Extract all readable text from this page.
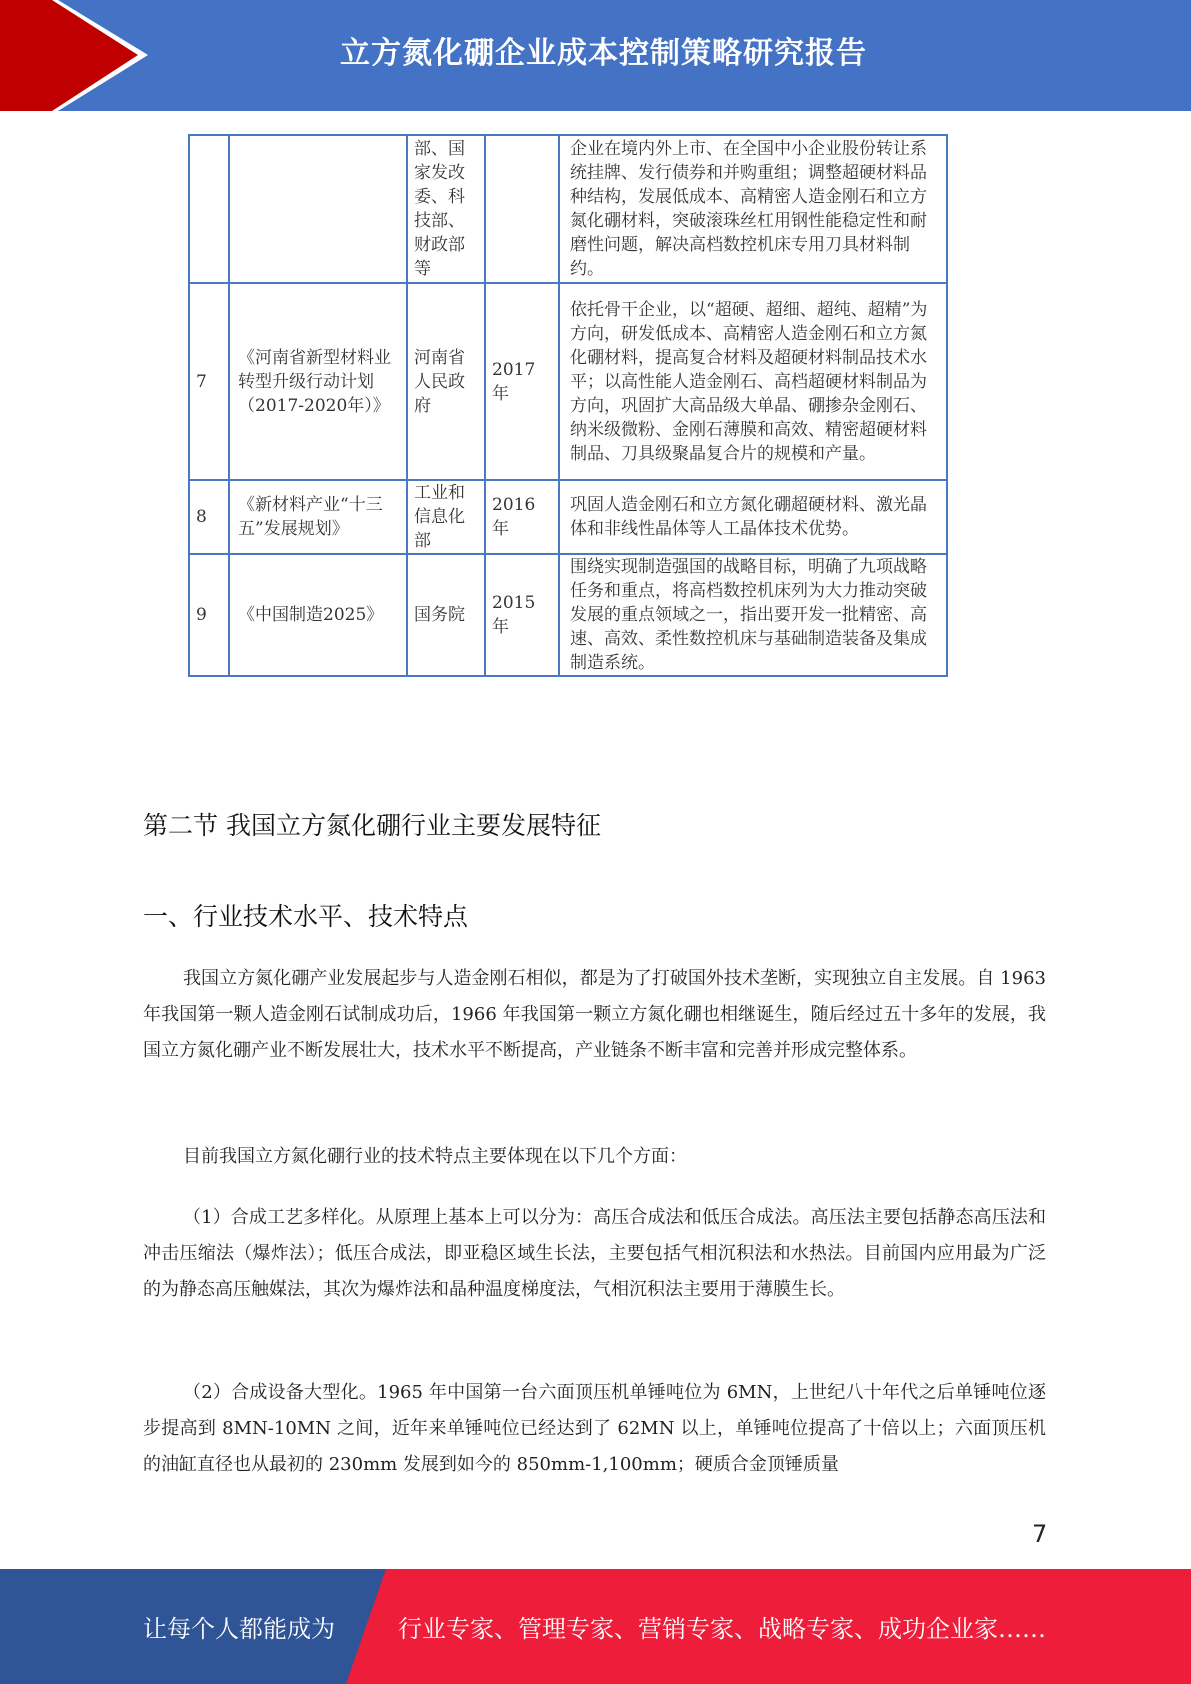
立方氮化硼企业成本控制策略研究报告
		部、国家发改委、科技部、财政部等		企业在境内外上市、在全国中小企业股份转让系统挂牌、发行债券和并购重组；调整超硬材料品种结构，发展低成本、高精密人造金刚石和立方氮化硼材料，突破滚珠丝杠用钢性能稳定性和耐磨性问题，解决高档数控机床专用刀具材料制约。
7	《河南省新型材料业转型升级行动计划（2017-2020年）》	河南省人民政府	2017年	依托骨干企业，以“超硬、超细、超纯、超精”为方向，研发低成本、高精密人造金刚石和立方氮化硼材料，提高复合材料及超硬材料制品技术水平；以高性能人造金刚石、高档超硬材料制品为方向，巩固扩大高品级大单晶、硼掺杂金刚石、纳米级微粉、金刚石薄膜和高效、精密超硬材料制品、刀具级聚晶复合片的规模和产量。
8	《新材料产业“十三五”发展规划》	工业和信息化部	2016年	巩固人造金刚石和立方氮化硼超硬材料、激光晶体和非线性晶体等人工晶体技术优势。
9	《中国制造2025》	国务院	2015年	围绕实现制造强国的战略目标，明确了九项战略任务和重点，将高档数控机床列为大力推动突破发展的重点领域之一，指出要开发一批精密、高速、高效、柔性数控机床与基础制造装备及集成制造系统。
第二节 我国立方氮化硼行业主要发展特征
一、行业技术水平、技术特点

我国立方氮化硼产业发展起步与人造金刚石相似，都是为了打破国外技术垄断，实现独立自主发展。自 1963 年我国第一颗人造金刚石试制成功后，1966 年我国第一颗立方氮化硼也相继诞生，随后经过五十多年的发展，我国立方氮化硼产业不断发展壮大，技术水平不断提高，产业链条不断丰富和完善并形成完整体系。

目前我国立方氮化硼行业的技术特点主要体现在以下几个方面：

（1）合成工艺多样化。从原理上基本上可以分为：高压合成法和低压合成法。高压法主要包括静态高压法和冲击压缩法（爆炸法）；低压合成法，即亚稳区域生长法，主要包括气相沉积法和水热法。目前国内应用最为广泛的为静态高压触媒法，其次为爆炸法和晶种温度梯度法，气相沉积法主要用于薄膜生长。

（2）合成设备大型化。1965 年中国第一台六面顶压机单锤吨位为 6MN，上世纪八十年代之后单锤吨位逐步提高到 8MN-10MN 之间，近年来单锤吨位已经达到了 62MN 以上，单锤吨位提高了十倍以上；六面顶压机的油缸直径也从最初的 230mm 发展到如今的 850mm-1,100mm；硬质合金顶锤质量

7
让每个人都能成为	行业专家、管理专家、营销专家、战略专家、成功企业家……
